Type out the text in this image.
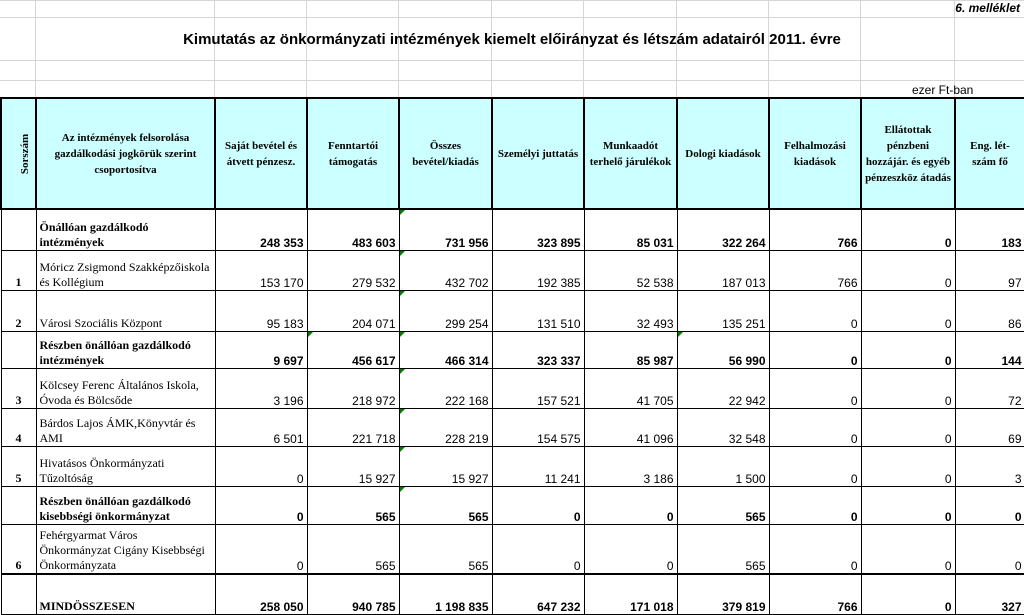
6. melléklet
Kimutatás az önkormányzati intézmények kiemelt előirányzat és létszám adatairól 2011. évre
ezer Ft-ban
Sorszám	Az intézmények felsorolása gazdálkodási jogkörük szerint csoportosítva	Saját bevétel és átvett pénzesz.	Fenntartói támogatás	Összes bevétel/kiadás	Személyi juttatás	Munkaadót terhelő járulékok	Dologi kiadások	Felhalmozási kiadások	Ellátottak pénzbeni hozzájár. és egyéb pénzeszköz átadás	Eng. lét-szám fő
	Önállóan gazdálkodó intézmények	248 353	483 603	731 956	323 895	85 031	322 264	766	0	183
1	Móricz Zsigmond Szakképzőiskola és Kollégium	153 170	279 532	432 702	192 385	52 538	187 013	766	0	97
2	Városi Szociális Központ	95 183	204 071	299 254	131 510	32 493	135 251	0	0	86
	Részben önállóan gazdálkodó intézmények	9 697	456 617	466 314	323 337	85 987	56 990	0	0	144
3	Kölcsey Ferenc Általános Iskola, Óvoda és Bölcsőde	3 196	218 972	222 168	157 521	41 705	22 942	0	0	72
4	Bárdos Lajos ÁMK,Könyvtár és AMI	6 501	221 718	228 219	154 575	41 096	32 548	0	0	69
5	Hivatásos Önkormányzati Tűzoltóság	0	15 927	15 927	11 241	3 186	1 500	0	0	3
	Részben önállóan gazdálkodó kisebbségi önkormányzat	0	565	565	0	0	565	0	0	0
6	Fehérgyarmat Város Önkormányzat Cigány Kisebbségi Önkormányzata	0	565	565	0	0	565	0	0	0
	MINDÖSSZESEN	258 050	940 785	1 198 835	647 232	171 018	379 819	766	0	327
